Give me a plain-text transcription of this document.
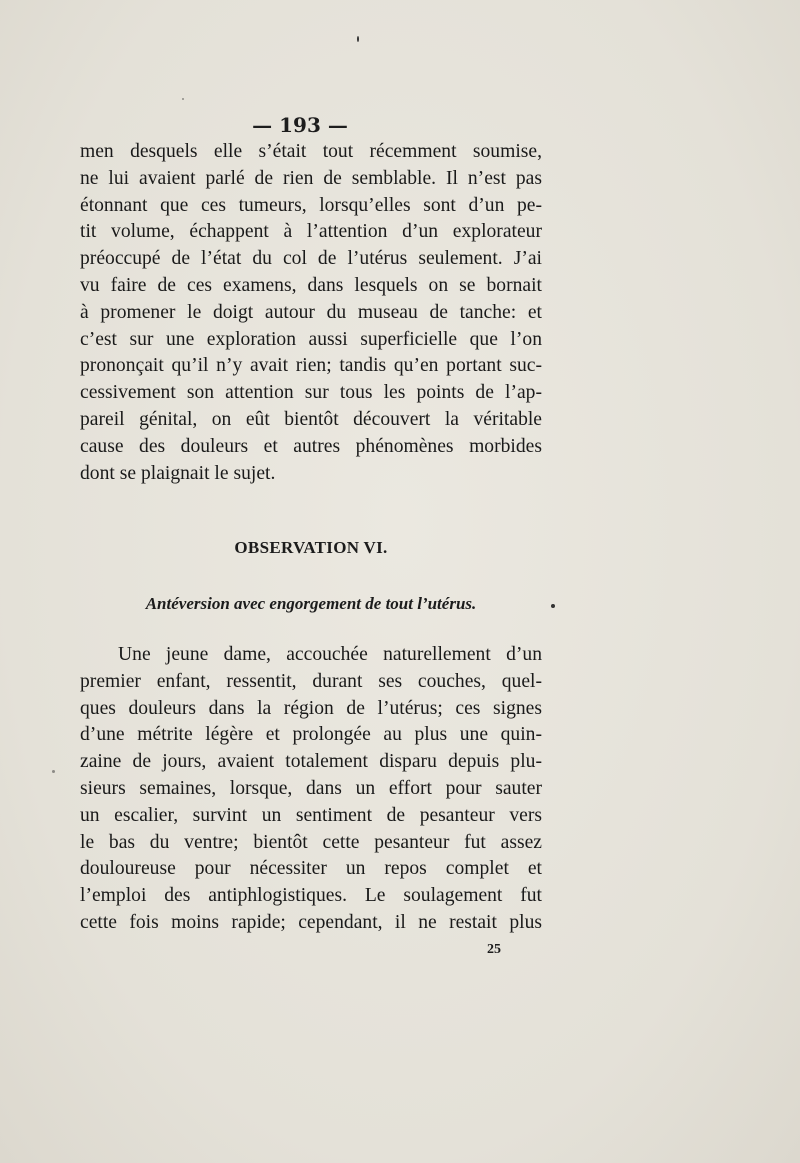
— 193 —

men desquels elle s’était tout récemment soumise,
ne lui avaient parlé de rien de semblable. Il n’est pas
étonnant que ces tumeurs, lorsqu’elles sont d’un pe-
tit volume, échappent à l’attention d’un explorateur
préoccupé de l’état du col de l’utérus seulement. J’ai
vu faire de ces examens, dans lesquels on se bornait
à promener le doigt autour du museau de tanche: et
c’est sur une exploration aussi superficielle que l’on
prononçait qu’il n’y avait rien; tandis qu’en portant suc-
cessivement son attention sur tous les points de l’ap-
pareil génital, on eût bientôt découvert la véritable
cause des douleurs et autres phénomènes morbides
dont se plaignait le sujet.

OBSERVATION VI.
Antéversion avec engorgement de tout l’utérus.

Une jeune dame, accouchée naturellement d’un
premier enfant, ressentit, durant ses couches, quel-
ques douleurs dans la région de l’utérus; ces signes
d’une métrite légère et prolongée au plus une quin-
zaine de jours, avaient totalement disparu depuis plu-
sieurs semaines, lorsque, dans un effort pour sauter
un escalier, survint un sentiment de pesanteur vers
le bas du ventre; bientôt cette pesanteur fut assez
douloureuse pour nécessiter un repos complet et
l’emploi des antiphlogistiques. Le soulagement fut
cette fois moins rapide; cependant, il ne restait plus

25
